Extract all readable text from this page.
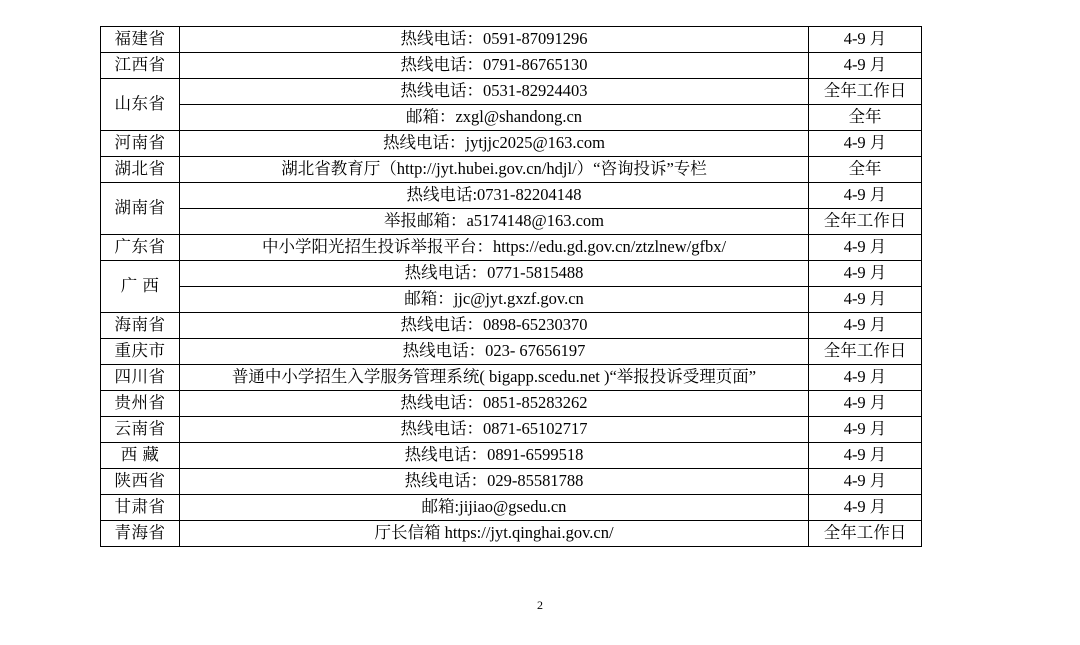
福建省	热线电话：0591-87091296	4-9 月

江西省	热线电话：0791-86765130	4-9 月

山东省	热线电话：0531-82924403	全年工作日

	邮箱：zxgl@shandong.cn	全年

河南省	热线电话：jytjjc2025@163.com	4-9 月

湖北省	湖北省教育厅（http://jyt.hubei.gov.cn/hdjl/）“咨询投诉”专栏	全年

湖南省	热线电话:0731-82204148	4-9 月

	举报邮箱：a5174148@163.com	全年工作日

广东省	中小学阳光招生投诉举报平台：https://edu.gd.gov.cn/ztzlnew/gfbx/	4-9 月

广 西	热线电话：0771-5815488	4-9 月

	邮箱：jjc@jyt.gxzf.gov.cn	4-9 月

海南省	热线电话：0898-65230370	4-9 月

重庆市	热线电话：023- 67656197	全年工作日

四川省	普通中小学招生入学服务管理系统( bigapp.scedu.net )“举报投诉受理页面”	4-9 月

贵州省	热线电话：0851-85283262	4-9 月

云南省	热线电话：0871-65102717	4-9 月

西 藏	热线电话：0891-6599518	4-9 月

陕西省	热线电话：029-85581788	4-9 月

甘肃省	邮箱:jijiao@gsedu.cn	4-9 月

青海省	厅长信箱 https://jyt.qinghai.gov.cn/	全年工作日
2
